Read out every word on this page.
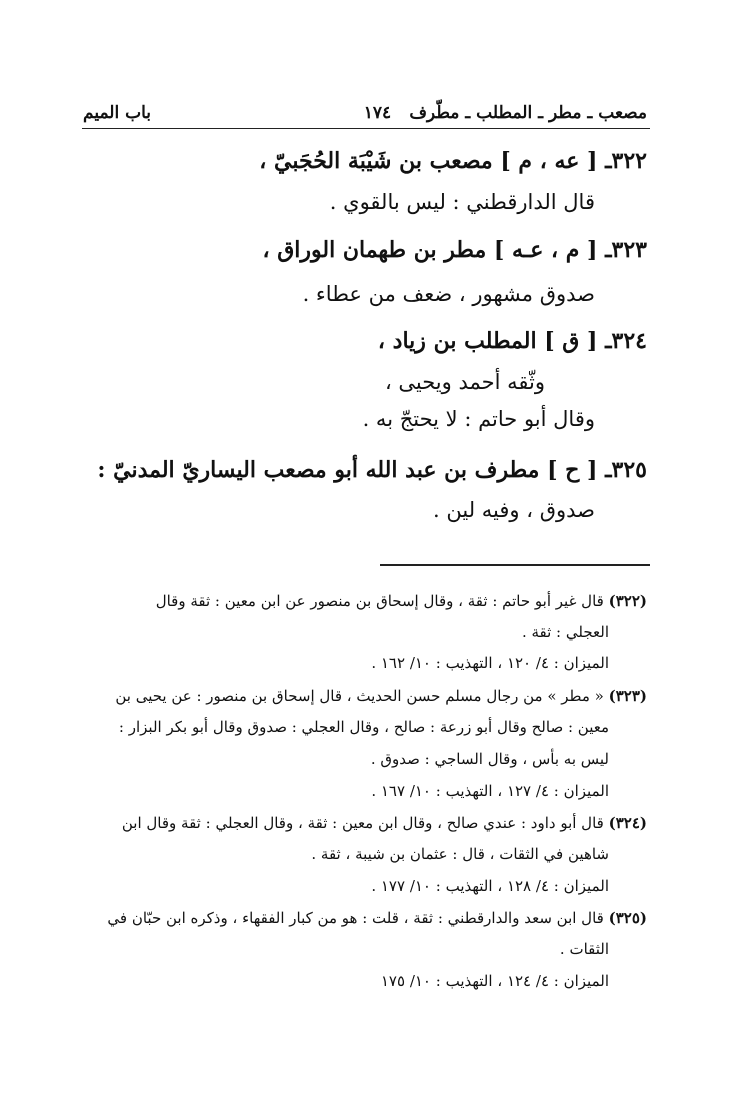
مصعب ـ مطر ـ المطلب ـ مطّرف
١٧٤
باب الميم
٣٢٢ـ [ عه ، م ] مصعب بن شَيْبَة الحُجَبيّ ،
قال الدارقطني : ليس بالقوي .
٣٢٣ـ [ م ، عـه ] مطر بن طهمان الوراق ،
صدوق مشهور ، ضعف من عطاء .
٣٢٤ـ [ ق ] المطلب بن زياد ،
وثّقه أحمد ويحيى ،
وقال أبو حاتم : لا يحتجّ به .
٣٢٥ـ [ ح ] مطرف بن عبد الله أبو مصعب اليساريّ المدنيّ :
صدوق ، وفيه لين .
(٣٢٢) قال غير أبو حاتم : ثقة ، وقال إسحاق بن منصور عن ابن معين : ثقة وقال
العجلي : ثقة .
الميزان : ٤/ ١٢٠ ، التهذيب : ١٠/ ١٦٢ .
(٣٢٣) « مطر » من رجال مسلم حسن الحديث ، قال إسحاق بن منصور : عن يحيى بن
معين : صالح وقال أبو زرعة : صالح ، وقال العجلي : صدوق وقال أبو بكر البزار :
ليس به بأس ، وقال الساجي : صدوق .
الميزان : ٤/ ١٢٧ ، التهذيب : ١٠/ ١٦٧ .
(٣٢٤) قال أبو داود : عندي صالح ، وقال ابن معين : ثقة ، وقال العجلي : ثقة وقال ابن
شاهين في الثقات ، قال : عثمان بن شيبة ، ثقة .
الميزان : ٤/ ١٢٨ ، التهذيب : ١٠/ ١٧٧ .
(٣٢٥) قال ابن سعد والدارقطني : ثقة ، قلت : هو من كبار الفقهاء ، وذكره ابن حبّان في
الثقات .
الميزان : ٤/ ١٢٤ ، التهذيب : ١٠/ ١٧٥
